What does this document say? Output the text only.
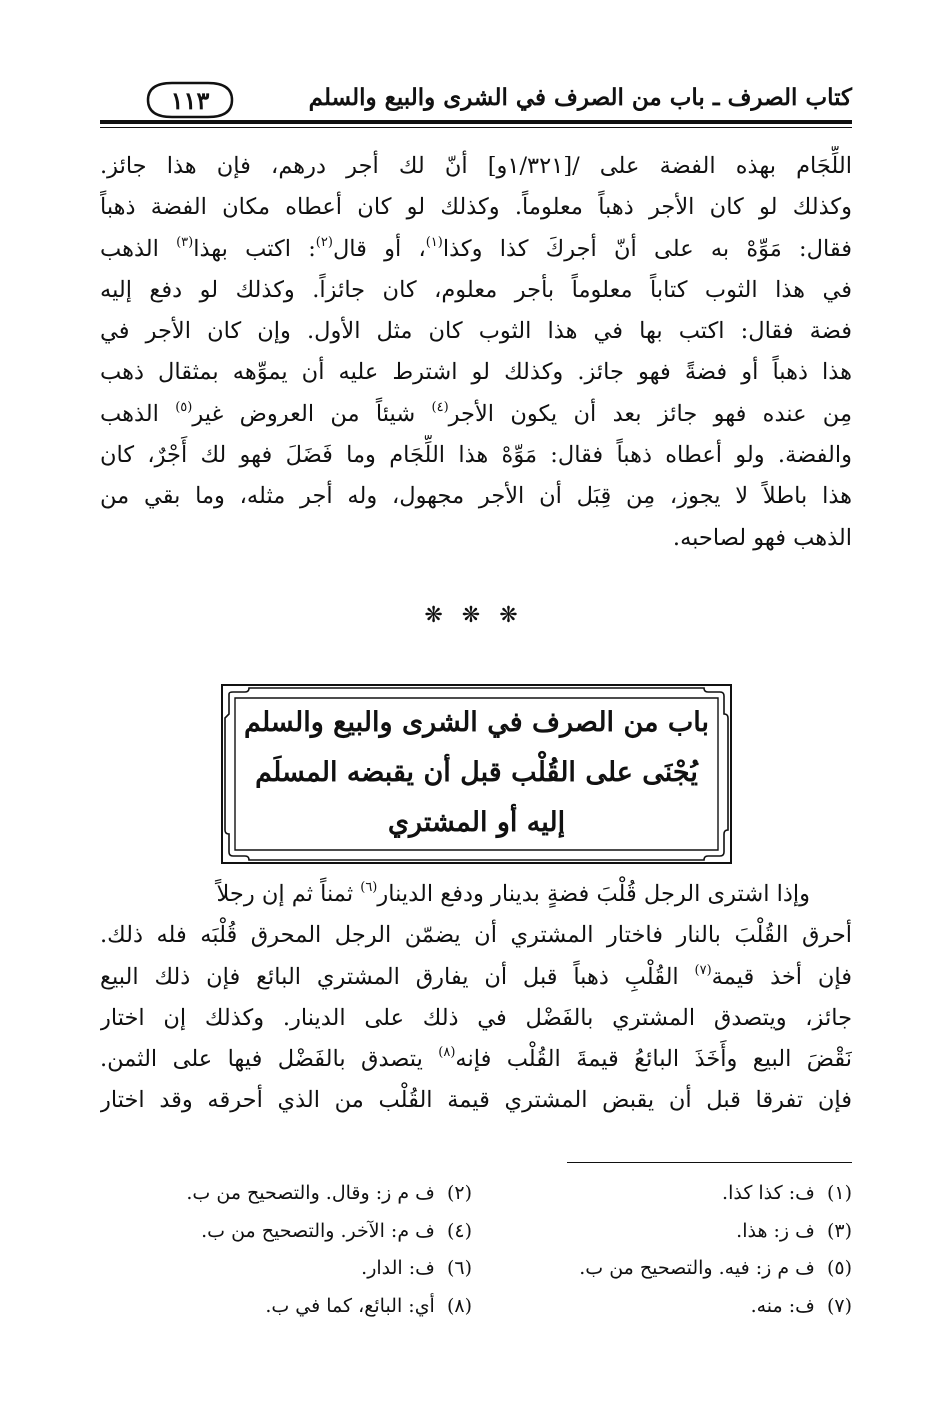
١١٣	كتاب الصرف ـ باب من الصرف في الشرى والبيع والسلم
اللِّجَام بهذه الفضة على /[١/٣٢١و] أنّ لك أجر درهم، فإن هذا جائز.
وكذلك لو كان الأجر ذهباً معلوماً. وكذلك لو كان أعطاه مكان الفضة ذهباً
فقال: مَوِّهْ به على أنّ أجركَ كذا وكذا$^{(١)}$، أو قال$^{(٢)}$: اكتب بهذا$^{(٣)}$ الذهب
في هذا الثوب كتاباً معلوماً بأجر معلوم، كان جائزاً. وكذلك لو دفع إليه
فضة فقال: اكتب بها في هذا الثوب كان مثل الأول. وإن كان الأجر في
هذا ذهباً أو فضةً فهو جائز. وكذلك لو اشترط عليه أن يموِّهه بمثقال ذهب
مِن عنده فهو جائز بعد أن يكون الأجر$^{(٤)}$ شيئاً من العروض غير$^{(٥)}$ الذهب
والفضة. ولو أعطاه ذهباً فقال: مَوِّهْ هذا اللِّجَام وما فَضَلَ فهو لك أَجْرٌ، كان
هذا باطلاً لا يجوز، مِن قِبَل أن الأجر مجهول، وله أجر مثله، وما بقي من
الذهب فهو لصاحبه.
❋ ❋ ❋
باب من الصرف في الشرى والبيع والسلم
يُجْنَى على القُلْب قبل أن يقبضه المسلَم
إليه أو المشتري
وإذا اشترى الرجل قُلْبَ فضةٍ بدينار ودفع الدينار$^{(٦)}$ ثمناً ثم إن رجلاً
أحرق القُلْبَ بالنار فاختار المشتري أن يضمّن الرجل المحرق قُلْبَه فله ذلك.
فإن أخذ قيمة$^{(٧)}$ القُلْبِ ذهباً قبل أن يفارق المشتري البائع فإن ذلك البيع
جائز، ويتصدق المشتري بالفَضْل في ذلك على الدينار. وكذلك إن اختار
نَقْضَ البيع وأَخَذَ البائعُ قيمةَ القُلْب فإنه$^{(٨)}$ يتصدق بالفَضْل فيها على الثمن.
فإن تفرقا قبل أن يقبض المشتري قيمة القُلْب من الذي أحرقه وقد اختار
(١)  ف: كذا كذا.
(٢)  ف م ز: وقال. والتصحيح من ب.
(٣)  ف ز: هذا.
(٤)  ف م: الآخر. والتصحيح من ب.
(٥)  ف م ز: فيه. والتصحيح من ب.
(٦)  ف: الدار.
(٧)  ف: منه.
(٨)  أي: البائع، كما في ب.
